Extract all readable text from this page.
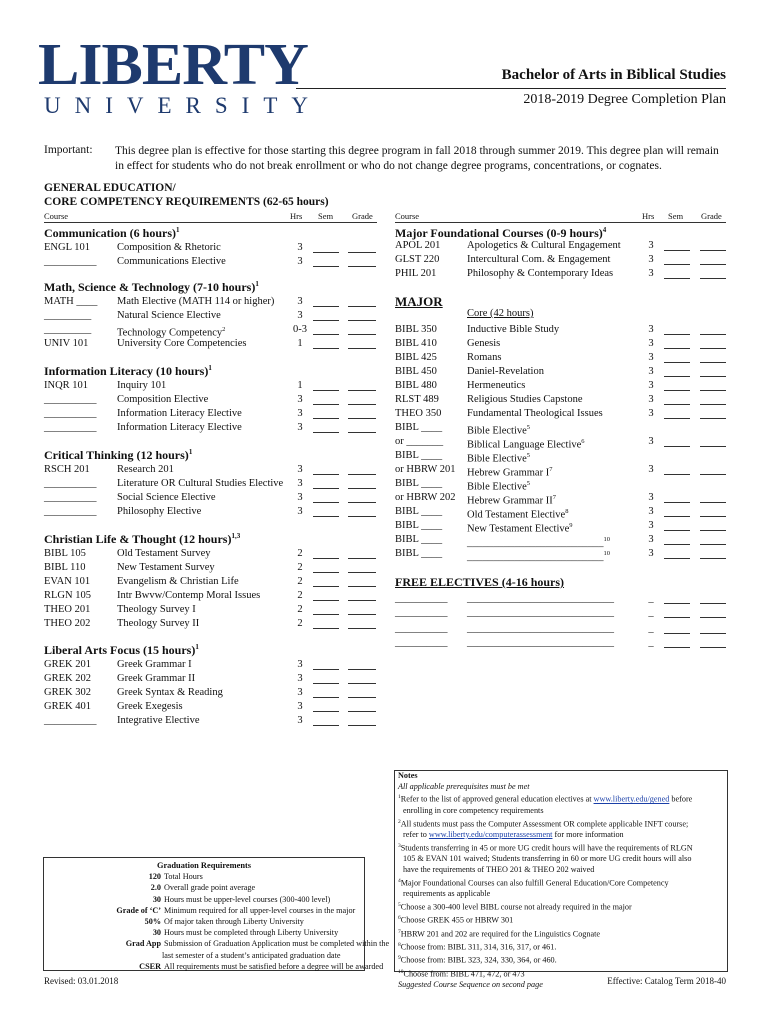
LIBERTY
UNIVERSITY
Bachelor of Arts in Biblical Studies
2018-2019 Degree Completion Plan
Important: This degree plan is effective for those starting this degree program in fall 2018 through summer 2019. This degree plan will remain in effect for students who do not break enrollment or who do not change degree programs, concentrations, or cognates.
GENERAL EDUCATION/
CORE COMPETENCY REQUIREMENTS (62-65 hours)
Course	Hrs Sem Grade	Course	Hrs Sem Grade
MAJOR
Core (42 hours)
FREE ELECTIVES (4-16 hours)
Communication (6 hours)$^1$
ENGL 101	Composition & Rhetoric	3
__________ Communications Elective	3
Math, Science & Technology (7-10 hours)$^1$
MATH ____ Math Elective (MATH 114 or higher) 3
_________ Natural Science Elective	3
_________ Technology Competency$^2$	0-3
UNIV 101	University Core Competencies	1
Information Literacy (10 hours)$^1$
INQR 101	Inquiry 101	1
__________ Composition Elective	3
__________ Information Literacy Elective	3
__________ Information Literacy Elective	3
Critical Thinking (12 hours)$^1$
RSCH 201	Research 201	3
__________ Literature OR Cultural Studies Elective 3
__________ Social Science Elective	3
__________ Philosophy Elective	3
Christian Life & Thought (12 hours)$^{1,3}$
BIBL 105	Old Testament Survey	2
BIBL 110	New Testament Survey	2
EVAN 101	Evangelism & Christian Life	2
RLGN 105 Intr Bwvw/Contemp Moral Issues	2
THEO 201	Theology Survey I	2
THEO 202	Theology Survey II	2
Liberal Arts Focus (15 hours)$^1$
GREK 201 Greek Grammar I	3
GREK 202 Greek Grammar II	3
GREK 302 Greek Syntax & Reading	3
GREK 401 Greek Exegesis	3
__________ Integrative Elective	3
Major Foundational Courses (0-9 hours)$^4$
APOL 201	Apologetics & Cultural Engagement	3
GLST 220	Intercultural Com. & Engagement	3
PHIL 201	Philosophy & Contemporary Ideas	3
BIBL 350	Inductive Bible Study	3
BIBL 410	Genesis	3
BIBL 425	Romans	3
BIBL 450	Daniel-Revelation	3
BIBL 480	Hermeneutics	3
RLST 489	Religious Studies Capstone	3
THEO 350 Fundamental Theological Issues	3
BIBL ____ Bible Elective$^5$
or _______ Biblical Language Elective$^6$	3
BIBL ____ Bible Elective$^5$
or HBRW 201 Hebrew Grammar $I^7$	3
BIBL ____ Bible Elective$^5$
or HBRW 202 Hebrew Grammar $II^7$	3
BIBL ____ Old Testament Elective$^8$	3
BIBL ____ New Testament Elective$^9$	3
BIBL ____ __________________________$^{10}$	3
BIBL ____ __________________________$^{10}$	3
__________ ____________________________	_
__________ ____________________________	_
__________ ____________________________	_
__________ ____________________________	_
Graduation Requirements
120 Total Hours
2.0 Overall grade point average
30 Hours must be upper-level courses (300-400 level)
Grade of ‘C’ Minimum required for all upper-level courses in the major
50% Of major taken through Liberty University
30 Hours must be completed through Liberty University
Grad App Submission of Graduation Application must be completed within the
last semester of a student’s anticipated graduation date
CSER All requirements must be satisfied before a degree will be awarded
Notes
All applicable prerequisites must be met
$^1$Refer to the list of approved general education electives at www.liberty.edu/gened before
enrolling in core competency requirements
$^2$All students must pass the Computer Assessment OR complete applicable INFT course;
refer to www.liberty.edu/computerassessment for more information
$^3$Students transferring in 45 or more UG credit hours will have the requirements of RLGN
105 & EVAN 101 waived; Students transferring in 60 or more UG credit hours will also
have the requirements of THEO 201 & THEO 202 waived
$^4$Major Foundational Courses can also fulfill General Education/Core Competency
requirements as applicable
$^5$Choose a 300-400 level BIBL course not already required in the major
$^6$Choose GREK 455 or HBRW 301
$^7$HBRW 201 and 202 are required for the Linguistics Cognate
$^8$Choose from: BIBL 311, 314, 316, 317, or 461.
$^9$Choose from: BIBL 323, 324, 330, 364, or 460.
$^{10}$Choose from: BIBL 471, 472, or 473
Suggested Course Sequence on second page
Revised: 03.01.2018	Effective: Catalog Term 2018-40
